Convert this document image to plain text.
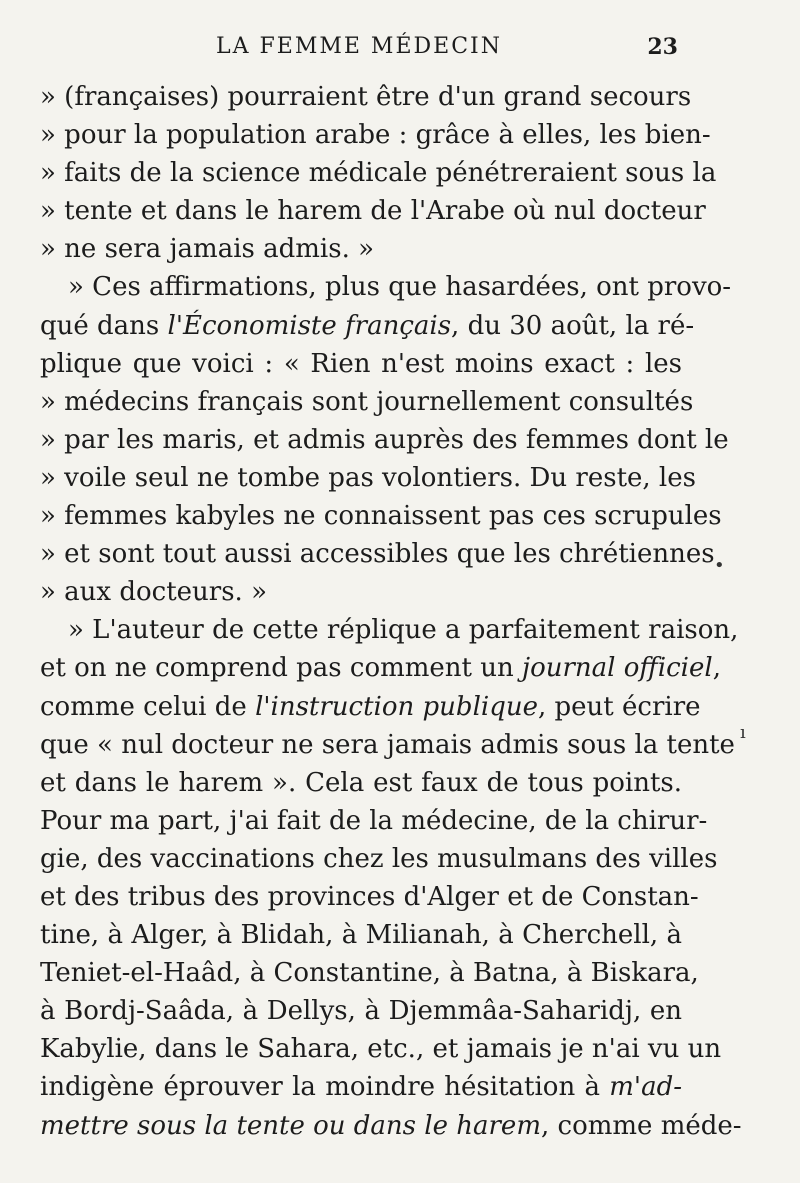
LA FEMME MÉDECIN	23
» (françaises) pourraient être d'un grand secours
» pour la population arabe : grâce à elles, les bien-
» faits de la science médicale pénétreraient sous la
» tente et dans le harem de l'Arabe où nul docteur
» ne sera jamais admis. »
» Ces affirmations, plus que hasardées, ont provo-
qué dans l'Économiste français, du 30 août, la ré-
plique que voici : « Rien n'est moins exact : les
» médecins français sont journellement consultés
» par les maris, et admis auprès des femmes dont le
» voile seul ne tombe pas volontiers. Du reste, les
» femmes kabyles ne connaissent pas ces scrupules
» et sont tout aussi accessibles que les chrétiennes
» aux docteurs. »
» L'auteur de cette réplique a parfaitement raison,
et on ne comprend pas comment un journal officiel,
comme celui de l'instruction publique, peut écrire
que « nul docteur ne sera jamais admis sous la tente
et dans le harem ». Cela est faux de tous points.
Pour ma part, j'ai fait de la médecine, de la chirur-
gie, des vaccinations chez les musulmans des villes
et des tribus des provinces d'Alger et de Constan-
tine, à Alger, à Blidah, à Milianah, à Cherchell, à
Teniet-el-Haâd, à Constantine, à Batna, à Biskara,
à Bordj-Saâda, à Dellys, à Djemmâa-Saharidj, en
Kabylie, dans le Sahara, etc., et jamais je n'ai vu un
indigène éprouver la moindre hésitation à m'ad-
mettre sous la tente ou dans le harem, comme méde-
•
ı
